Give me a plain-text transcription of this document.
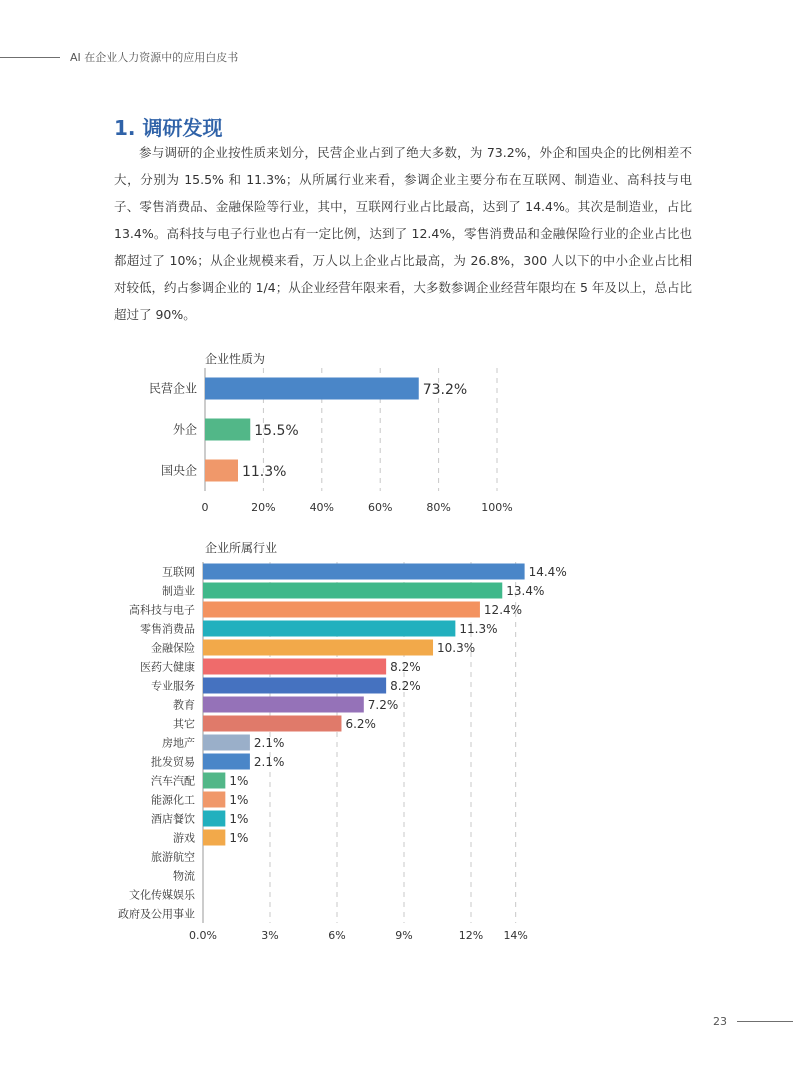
AI 在企业人力资源中的应用白皮书
1. 调研发现

参与调研的企业按性质来划分，民营企业占到了绝大多数，为 73.2%，外企和国央企的比例相差不大，分别为 15.5% 和 11.3%；从所属行业来看，参调企业主要分布在互联网、制造业、高科技与电子、零售消费品、金融保险等行业，其中，互联网行业占比最高，达到了 14.4%。其次是制造业，占比 13.4%。高科技与电子行业也占有一定比例，达到了 12.4%，零售消费品和金融保险行业的企业占比也都超过了 10%；从企业规模来看，万人以上企业占比最高，为 26.8%，300 人以下的中小企业占比相对较低，约占参调企业的 1/4；从企业经营年限来看，大多数参调企业经营年限均在 5 年及以上，总占比超过了 90%。

企业性质为
民营企业	73.2%
外企	15.5%
国央企	11.3%
0	20%	40%	60%	80%	100%
企业所属行业
互联网	14.4%
制造业	13.4%
高科技与电子	12.4%
零售消费品	11.3%
金融保险	10.3%
医药大健康	8.2%
专业服务	8.2%
教育	7.2%
其它	6.2%
房地产	2.1%
批发贸易	2.1%
汽车汽配	1%
能源化工	1%
酒店餐饮	1%
游戏	1%
旅游航空
物流
文化传媒娱乐
政府及公用事业
0.0%	3%	6%	9%	12% 14%
23
